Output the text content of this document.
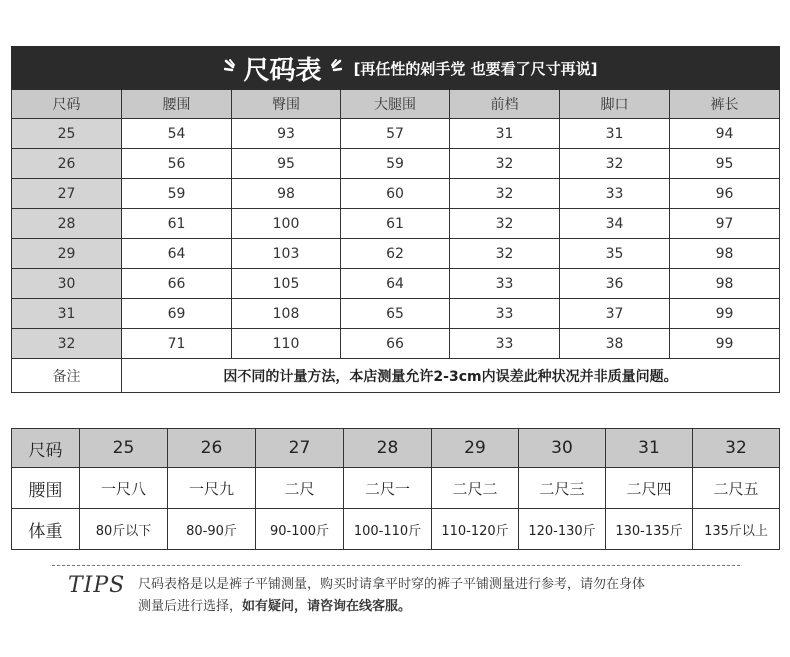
尺码表 [再任性的剁手党 也要看了尺寸再说]						

尺码	腰围	臀围	大腿围	前档	脚口	裤长
25	54	93	57	31	31	94
26	56	95	59	32	32	95
27	59	98	60	32	33	96
28	61	100	61	32	34	97
29	64	103	62	32	35	98
30	66	105	64	33	36	98
31	69	108	65	33	37	99
32	71	110	66	33	38	99
备注	因不同的计量方法，本店测量允许2-3cm内误差此种状况并非质量问题。					
尺码	25	26	27	28	29	30	31	32
腰围	一尺八	一尺九	二尺	二尺一	二尺二	二尺三	二尺四	二尺五
体重	80斤以下	80-90斤	90-100斤	100-110斤	110-120斤	120-130斤	130-135斤	135斤以上
TIPS 尺码表格是以是裤子平铺测量，购买时请拿平时穿的裤子平铺测量进行参考，请勿在身体
测量后进行选择，如有疑问，请咨询在线客服。
